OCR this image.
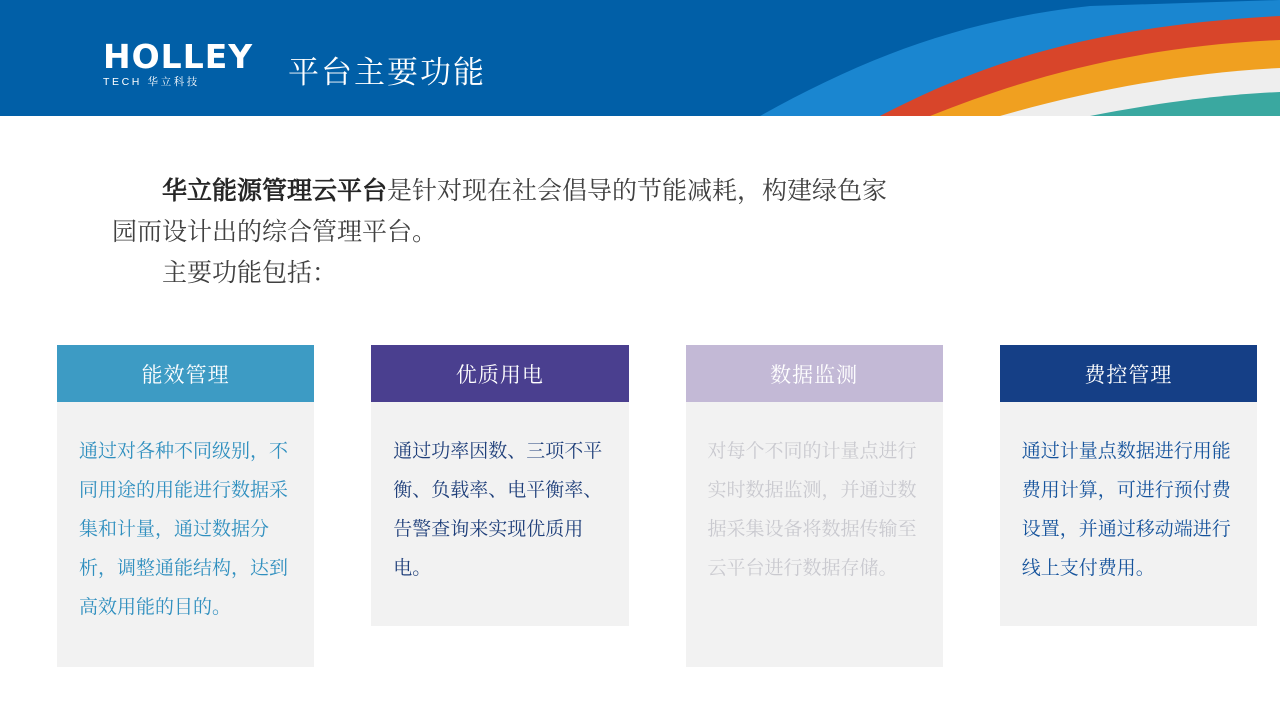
HOLLEY
TECH 华立科技	平台主要功能

华立能源管理云平台是针对现在社会倡导的节能减耗，构建绿色家

园而设计出的综合管理平台。

主要功能包括：

能效管理
通过对各种不同级别，不同用途的用能进行数据采集和计量，通过数据分析，调整通能结构，达到高效用能的目的。
优质用电
通过功率因数、三项不平衡、负载率、电平衡率、告警查询来实现优质用电。
数据监测
对每个不同的计量点进行实时数据监测，并通过数据采集设备将数据传输至云平台进行数据存储。
费控管理
通过计量点数据进行用能费用计算，可进行预付费设置，并通过移动端进行线上支付费用。
